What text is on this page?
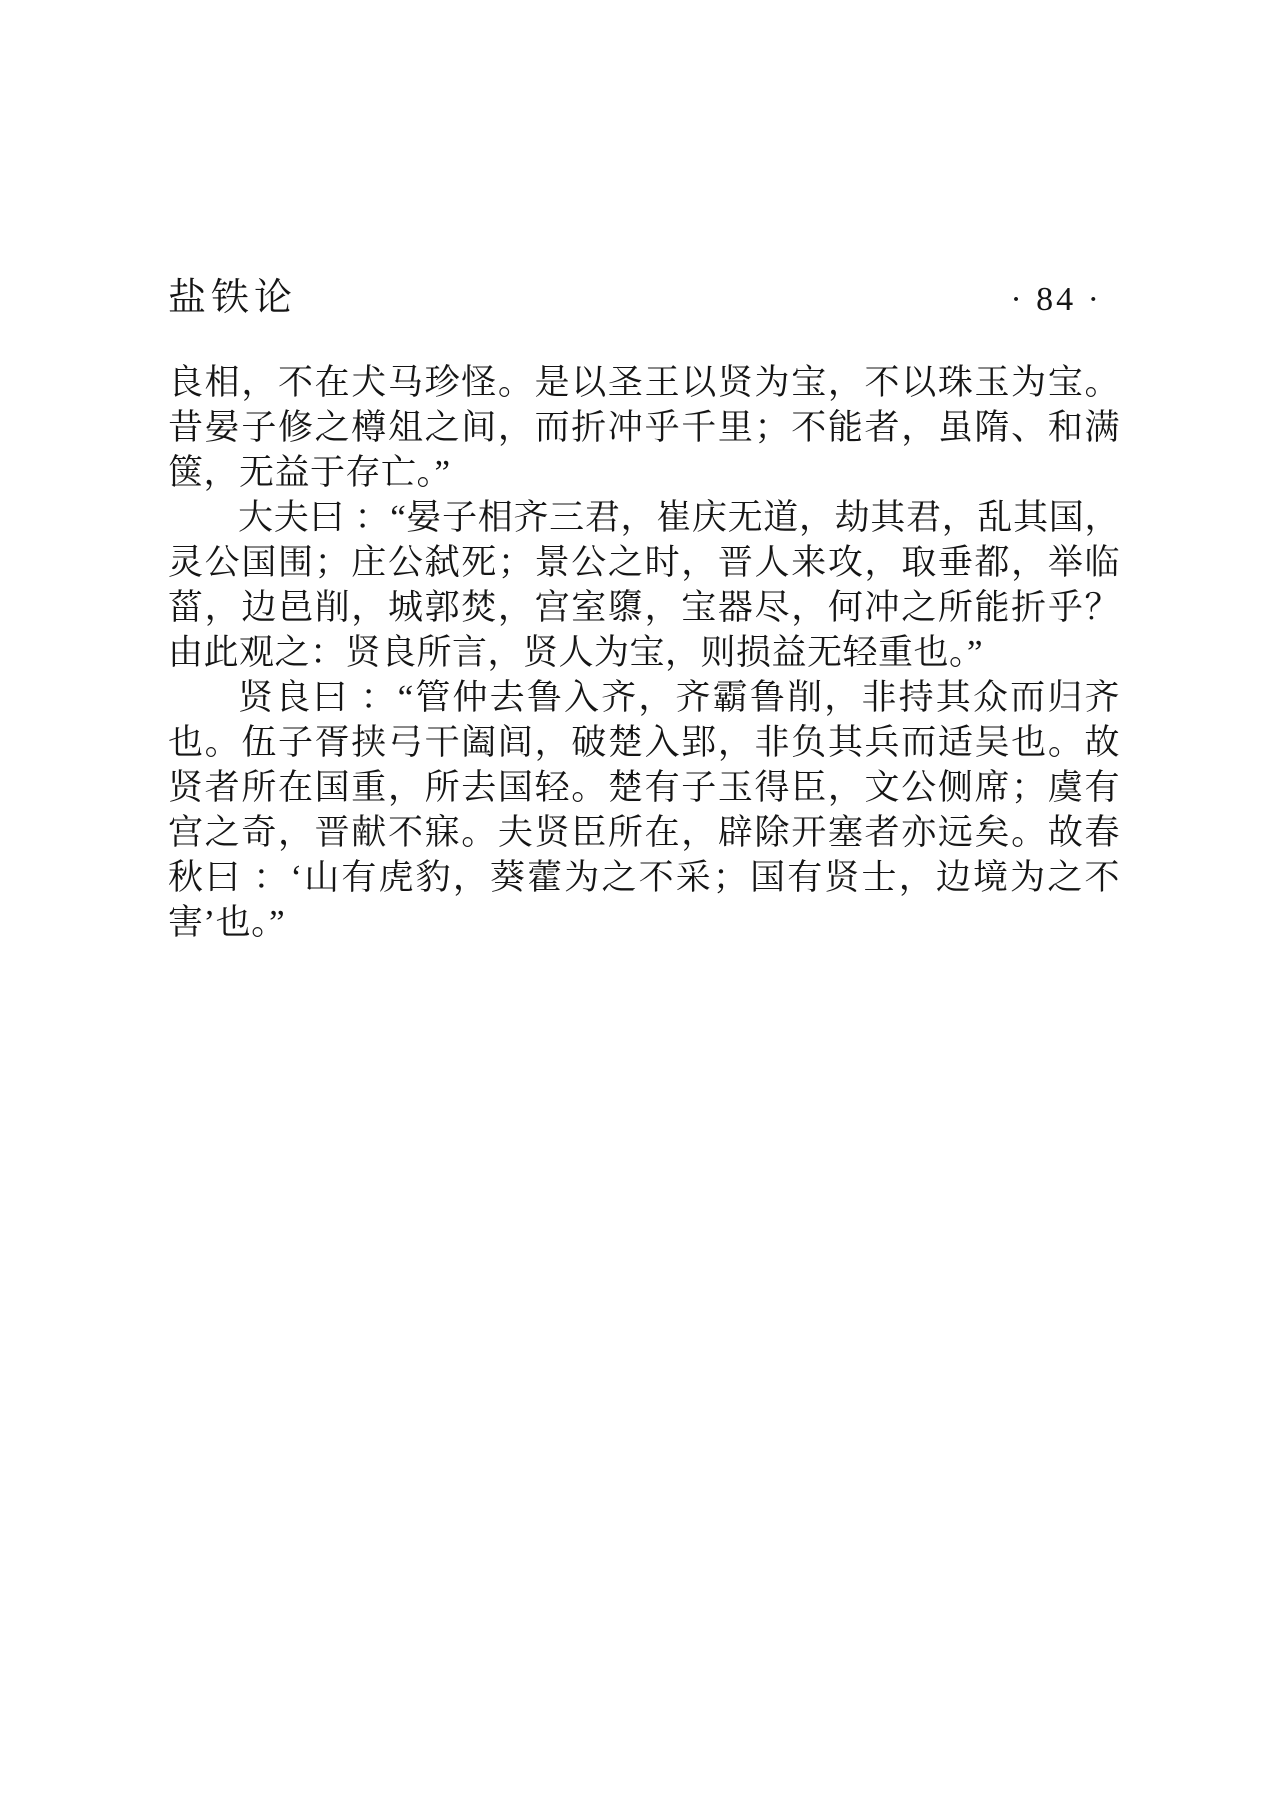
盐铁论	· 84 ·

良相，不在犬马珍怪。是以圣王以贤为宝，不以珠玉为宝。昔晏子修之樽俎之间，而折冲乎千里；不能者，虽隋、和满箧，无益于存亡。”

大夫曰 ：“晏子相齐三君，崔庆无道，劫其君，乱其国，灵公国围；庄公弑死；景公之时，晋人来攻，取垂都，举临菑，边邑削，城郭焚，宫室隳，宝器尽，何冲之所能折乎？由此观之：贤良所言，贤人为宝，则损益无轻重也。”

贤良曰 ：“管仲去鲁入齐，齐霸鲁削，非持其众而归齐也。伍子胥挟弓干阖闾，破楚入郢，非负其兵而适吴也。故贤者所在国重，所去国轻。楚有子玉得臣，文公侧席；虞有宫之奇，晋献不寐。夫贤臣所在，辟除开塞者亦远矣。故春秋曰 ：‘山有虎豹，葵藿为之不采；国有贤士，边境为之不害’也。”
